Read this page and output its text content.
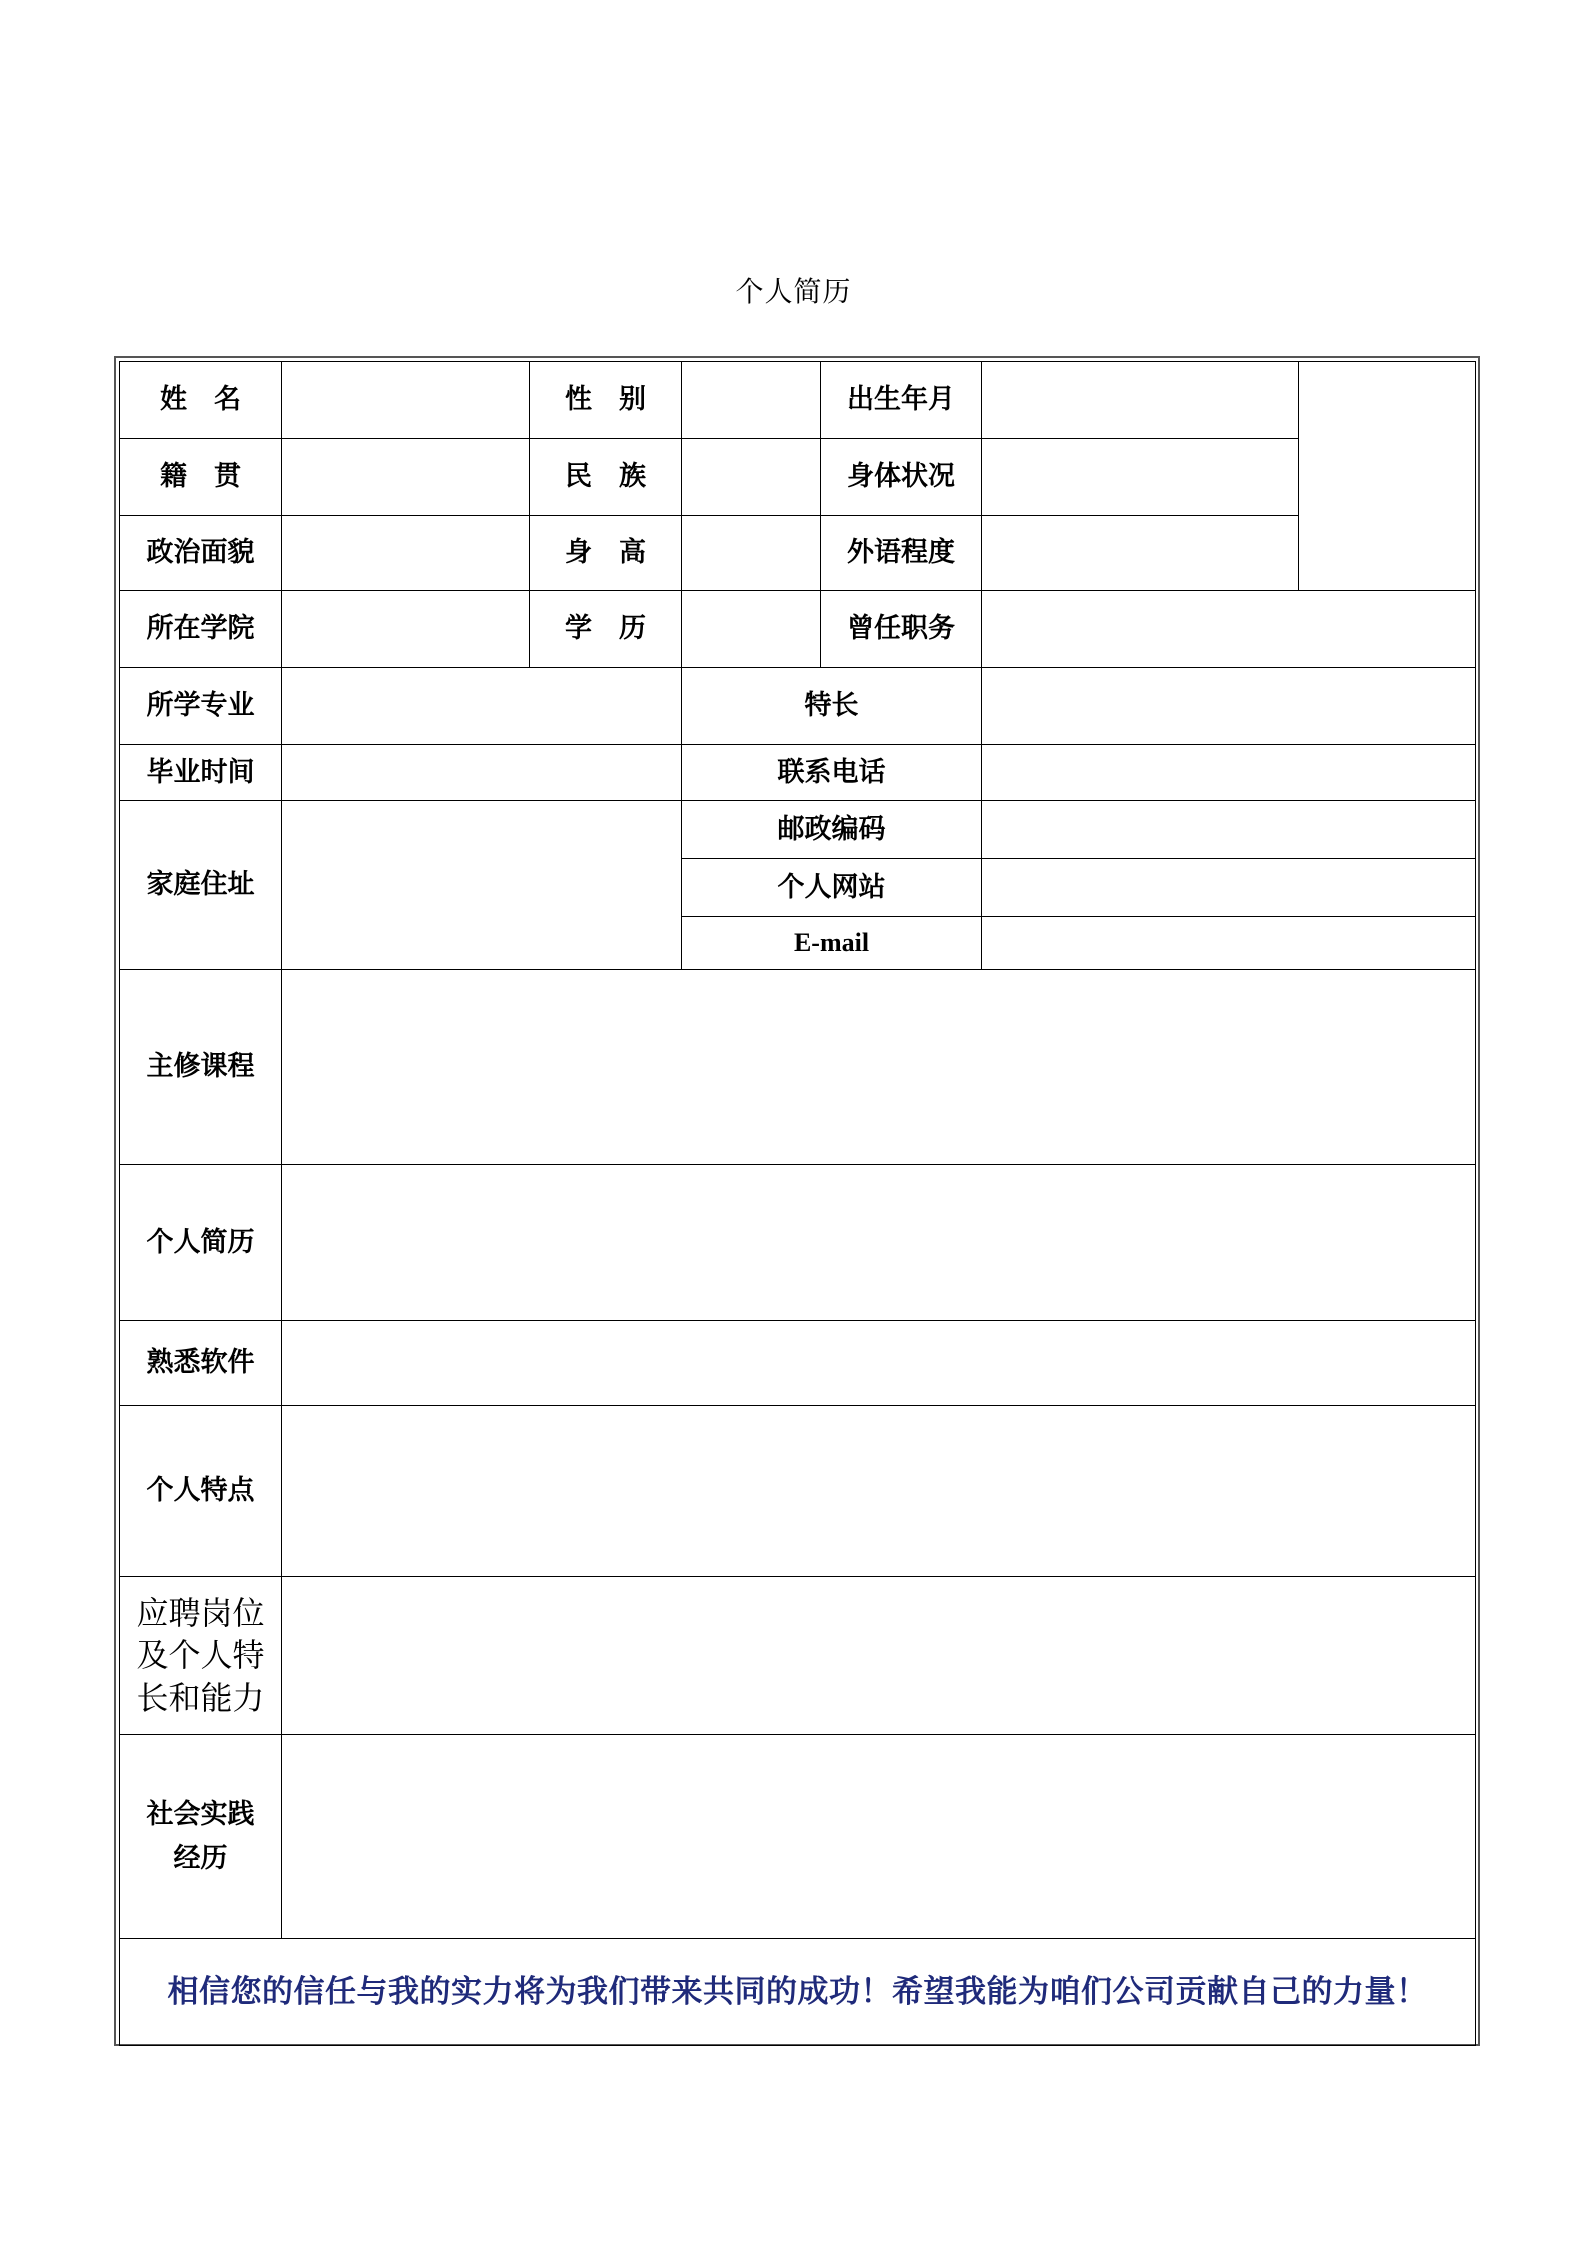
个人简历
姓　名		性　别		出生年月		
籍　贯		民　族		身体状况		
政治面貌		身　高		外语程度		
所在学院		学　历		曾任职务		
所学专业			特长			
毕业时间			联系电话			
家庭住址			邮政编码			
			个人网站			
			E-mail			
主修课程						
个人简历						
熟悉软件						
个人特点						

应聘岗位及个人特长和能力						

社会实践经历						

相信您的信任与我的实力将为我们带来共同的成功！希望我能为咱们公司贡献自己的力量！						
